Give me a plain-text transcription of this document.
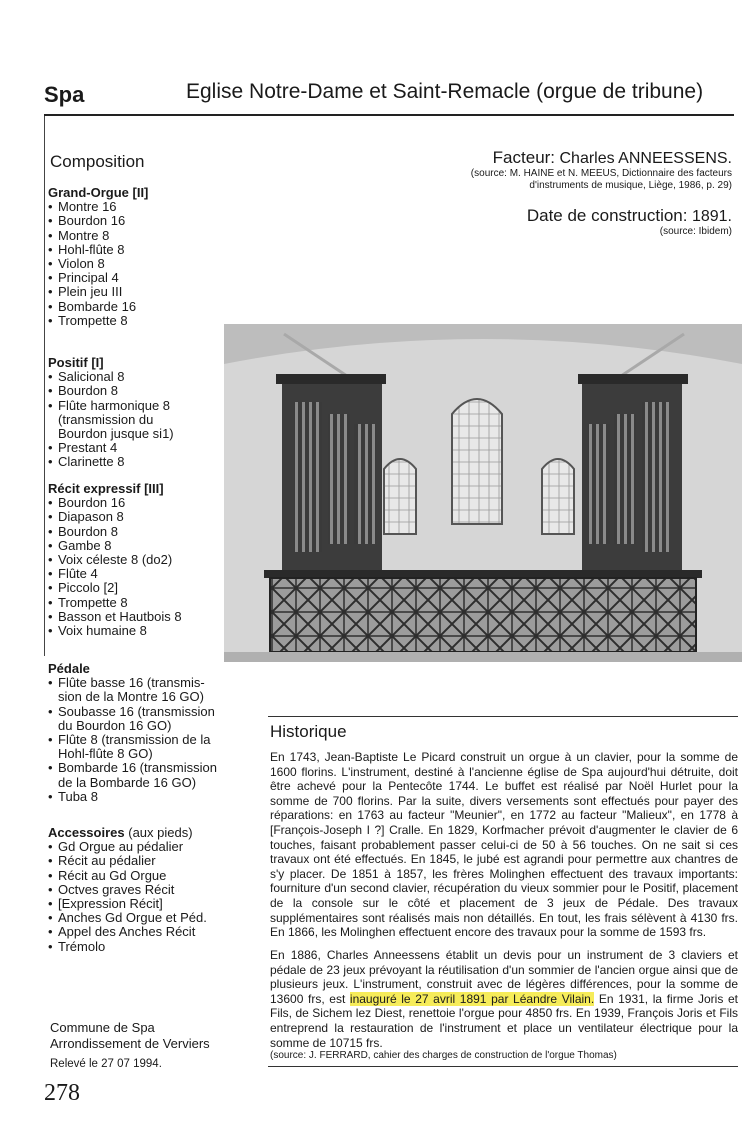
Spa	Eglise Notre-Dame et Saint-Remacle (orgue de tribune)
Composition
Grand-Orgue [II]
• Montre 16
• Bourdon 16
• Montre 8
• Hohl-flûte 8
• Violon 8
• Principal 4
• Plein jeu III
• Bombarde 16
• Trompette 8
Positif [I]
• Salicional 8
• Bourdon 8
• Flûte harmonique 8
(transmission du
Bourdon jusque si1)
• Prestant 4
• Clarinette 8
Récit expressif [III]
• Bourdon 16
• Diapason 8
• Bourdon 8
• Gambe 8
• Voix céleste 8 (do2)
• Flûte 4
• Piccolo [2]
• Trompette 8
• Basson et Hautbois 8
• Voix humaine 8
Pédale
• Flûte basse 16 (transmis-
sion de la Montre 16 GO)
• Soubasse 16 (transmission
du Bourdon 16 GO)
• Flûte 8 (transmission de la
Hohl-flûte 8 GO)
• Bombarde 16 (transmission
de la Bombarde 16 GO)
• Tuba 8
Accessoires (aux pieds)
• Gd Orgue au pédalier
• Récit au pédalier
• Récit au Gd Orgue
• Octves graves Récit
• [Expression Récit]
• Anches Gd Orgue et Péd.
• Appel des Anches Récit
• Trémolo
Commune de Spa
Arrondissement de Verviers
Relevé le 27 07 1994.
278
Facteur: Charles ANNEESSENS.
(source: M. HAINE et N. MEEUS, Dictionnaire des facteurs
d'instruments de musique, Liège, 1986, p. 29)
Date de construction: 1891.
(source: Ibidem)
Historique
En 1743, Jean-Baptiste Le Picard construit un orgue à un clavier, pour la somme de 1600 florins. L'instrument, destiné à l'ancienne église de Spa aujourd'hui détruite, doit être achevé pour la Pentecôte 1744. Le buffet est réalisé par Noël Hurlet pour la somme de 700 florins. Par la suite, divers versements sont effectués pour payer des réparations: en 1763 au facteur "Meunier", en 1772 au facteur "Malieux", en 1778 à [François-Joseph I ?] Cralle. En 1829, Korfmacher prévoit d'augmenter le clavier de 6 touches, faisant probablement passer celui-ci de 50 à 56 touches. On ne sait si ces travaux ont été effectués. En 1845, le jubé est agrandi pour permettre aux chantres de s'y placer. De 1851 à 1857, les frères Molinghen effectuent des travaux importants: fourniture d'un second clavier, récupération du vieux sommier pour le Positif, placement de la console sur le côté et placement de 3 jeux de Pédale. Des travaux supplémentaires sont réalisés mais non détaillés. En tout, les frais sélèvent à 4130 frs. En 1866, les Molinghen effectuent encore des travaux pour la somme de 1593 frs.
En 1886, Charles Anneessens établit un devis pour un instrument de 3 claviers et pédale de 23 jeux prévoyant la réutilisation d'un sommier de l'ancien orgue ainsi que de plusieurs jeux. L'instrument, construit avec de légères différences, pour la somme de 13600 frs, est inauguré le 27 avril 1891 par Léandre Vilain. En 1931, la firme Joris et Fils, de Sichem lez Diest, renettoie l'orgue pour 4850 frs. En 1939, François Joris et Fils entreprend la restauration de l'instrument et place un ventilateur électrique pour la somme de 10715 frs.
(source: J. FERRARD, cahier des charges de construction de l'orgue Thomas)
